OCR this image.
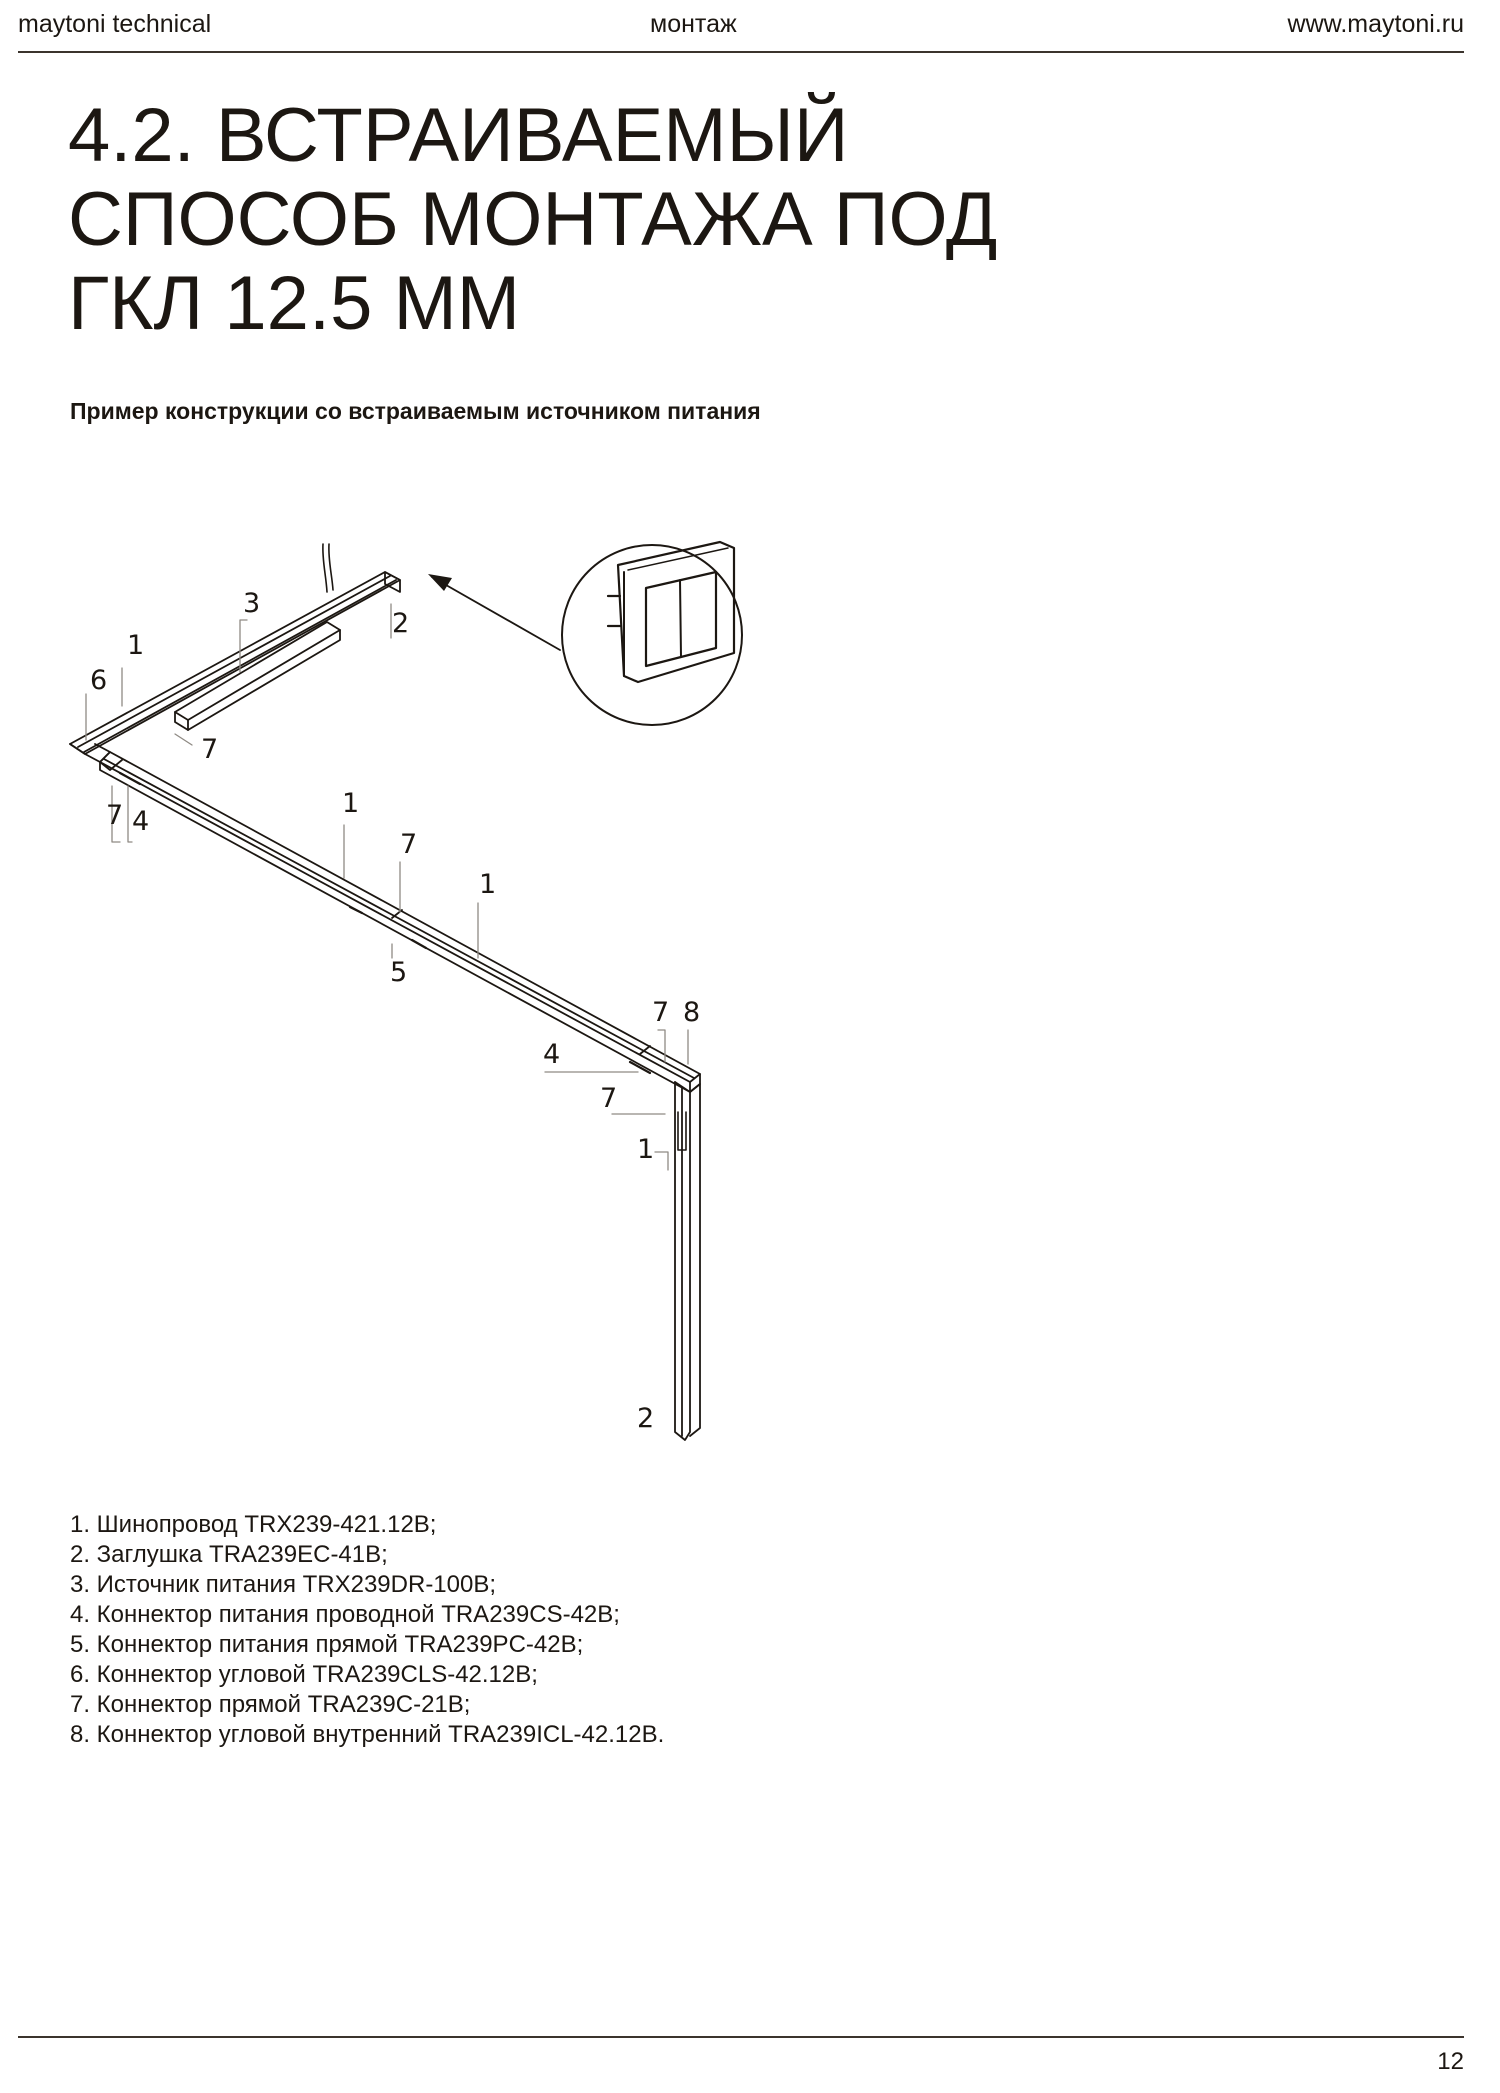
maytoni technical	монтаж	www.maytoni.ru
4.2. ВСТРАИВАЕМЫЙ
СПОСОБ МОНТАЖА ПОД
ГКЛ 12.5 ММ
Пример конструкции со встраиваемым источником питания
3
2
1
6
7
7 4
1
7
1
5
7 8
4
7
1
2
1. Шинопровод TRX239-421.12B;
2. Заглушка TRA239EC-41B;
3. Источник питания TRX239DR-100B;
4. Коннектор питания проводной TRA239CS-42B;
5. Коннектор питания прямой TRA239PC-42B;
6. Коннектор угловой TRA239CLS-42.12B;
7. Коннектор прямой TRA239C-21B;
8. Коннектор угловой внутренний TRA239ICL-42.12B.
12
